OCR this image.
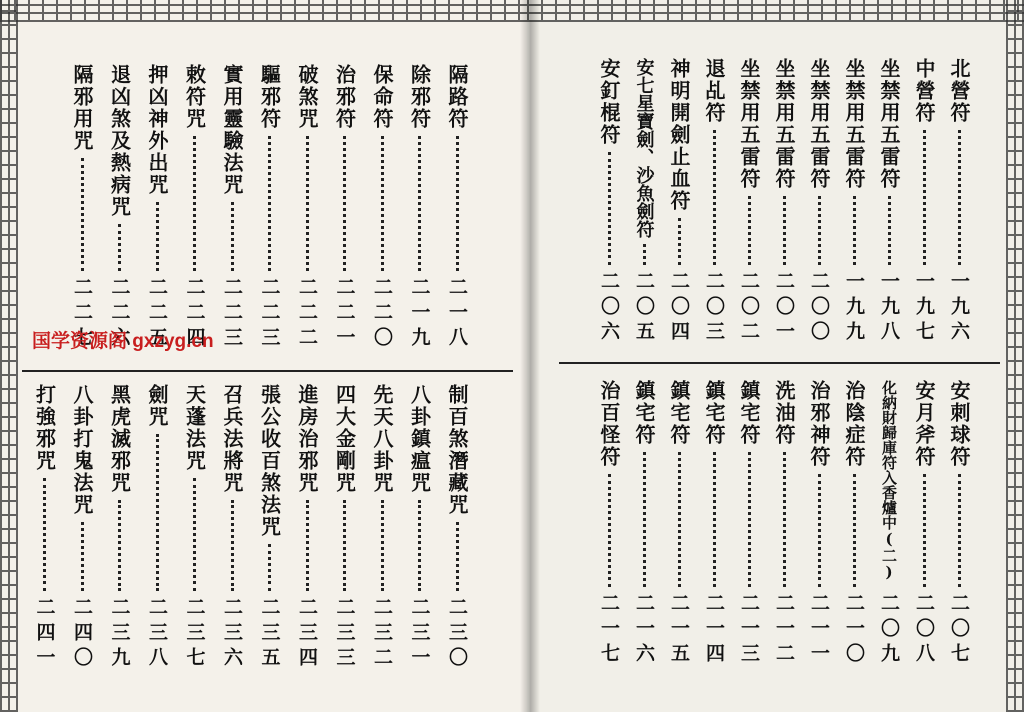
隔路符
二一八
除邪符
二一九
保命符
二二〇
治邪符
二二一
破煞咒
二二二
驅邪符
二二三
實用靈驗法咒
二二三
敕符咒
二二四
押凶神外出咒
二二五
退凶煞及熱病咒
二二六
隔邪用咒
二二七
制百煞潛藏咒
二三〇
八卦鎮瘟咒
二三一
先天八卦咒
二三二
四大金剛咒
二三三
進房治邪咒
二三四
張公收百煞法咒
二三五
召兵法將咒
二三六
天蓬法咒
二三七
劍咒
二三八
黑虎滅邪咒
二三九
八卦打鬼法咒
二四〇
打強邪咒
二四一
北營符
一九六
中營符
一九七
坐禁用五雷符
一九八
坐禁用五雷符
一九九
坐禁用五雷符
二〇〇
坐禁用五雷符
二〇一
坐禁用五雷符
二〇二
退乩符
二〇三
神明開劍止血符
二〇四
安七星寶劍、沙魚劍符
二〇五
安釘棍符
二〇六
安刺球符
二〇七
安月斧符
二〇八
化納財歸庫符入香爐中(二)
二〇九
治陰症符
二一〇
治邪神符
二一一
洗油符
二一二
鎮宅符
二一三
鎮宅符
二一四
鎮宅符
二一五
鎮宅符
二一六
治百怪符
二一七
国学资源阁 gxzyg.cn
